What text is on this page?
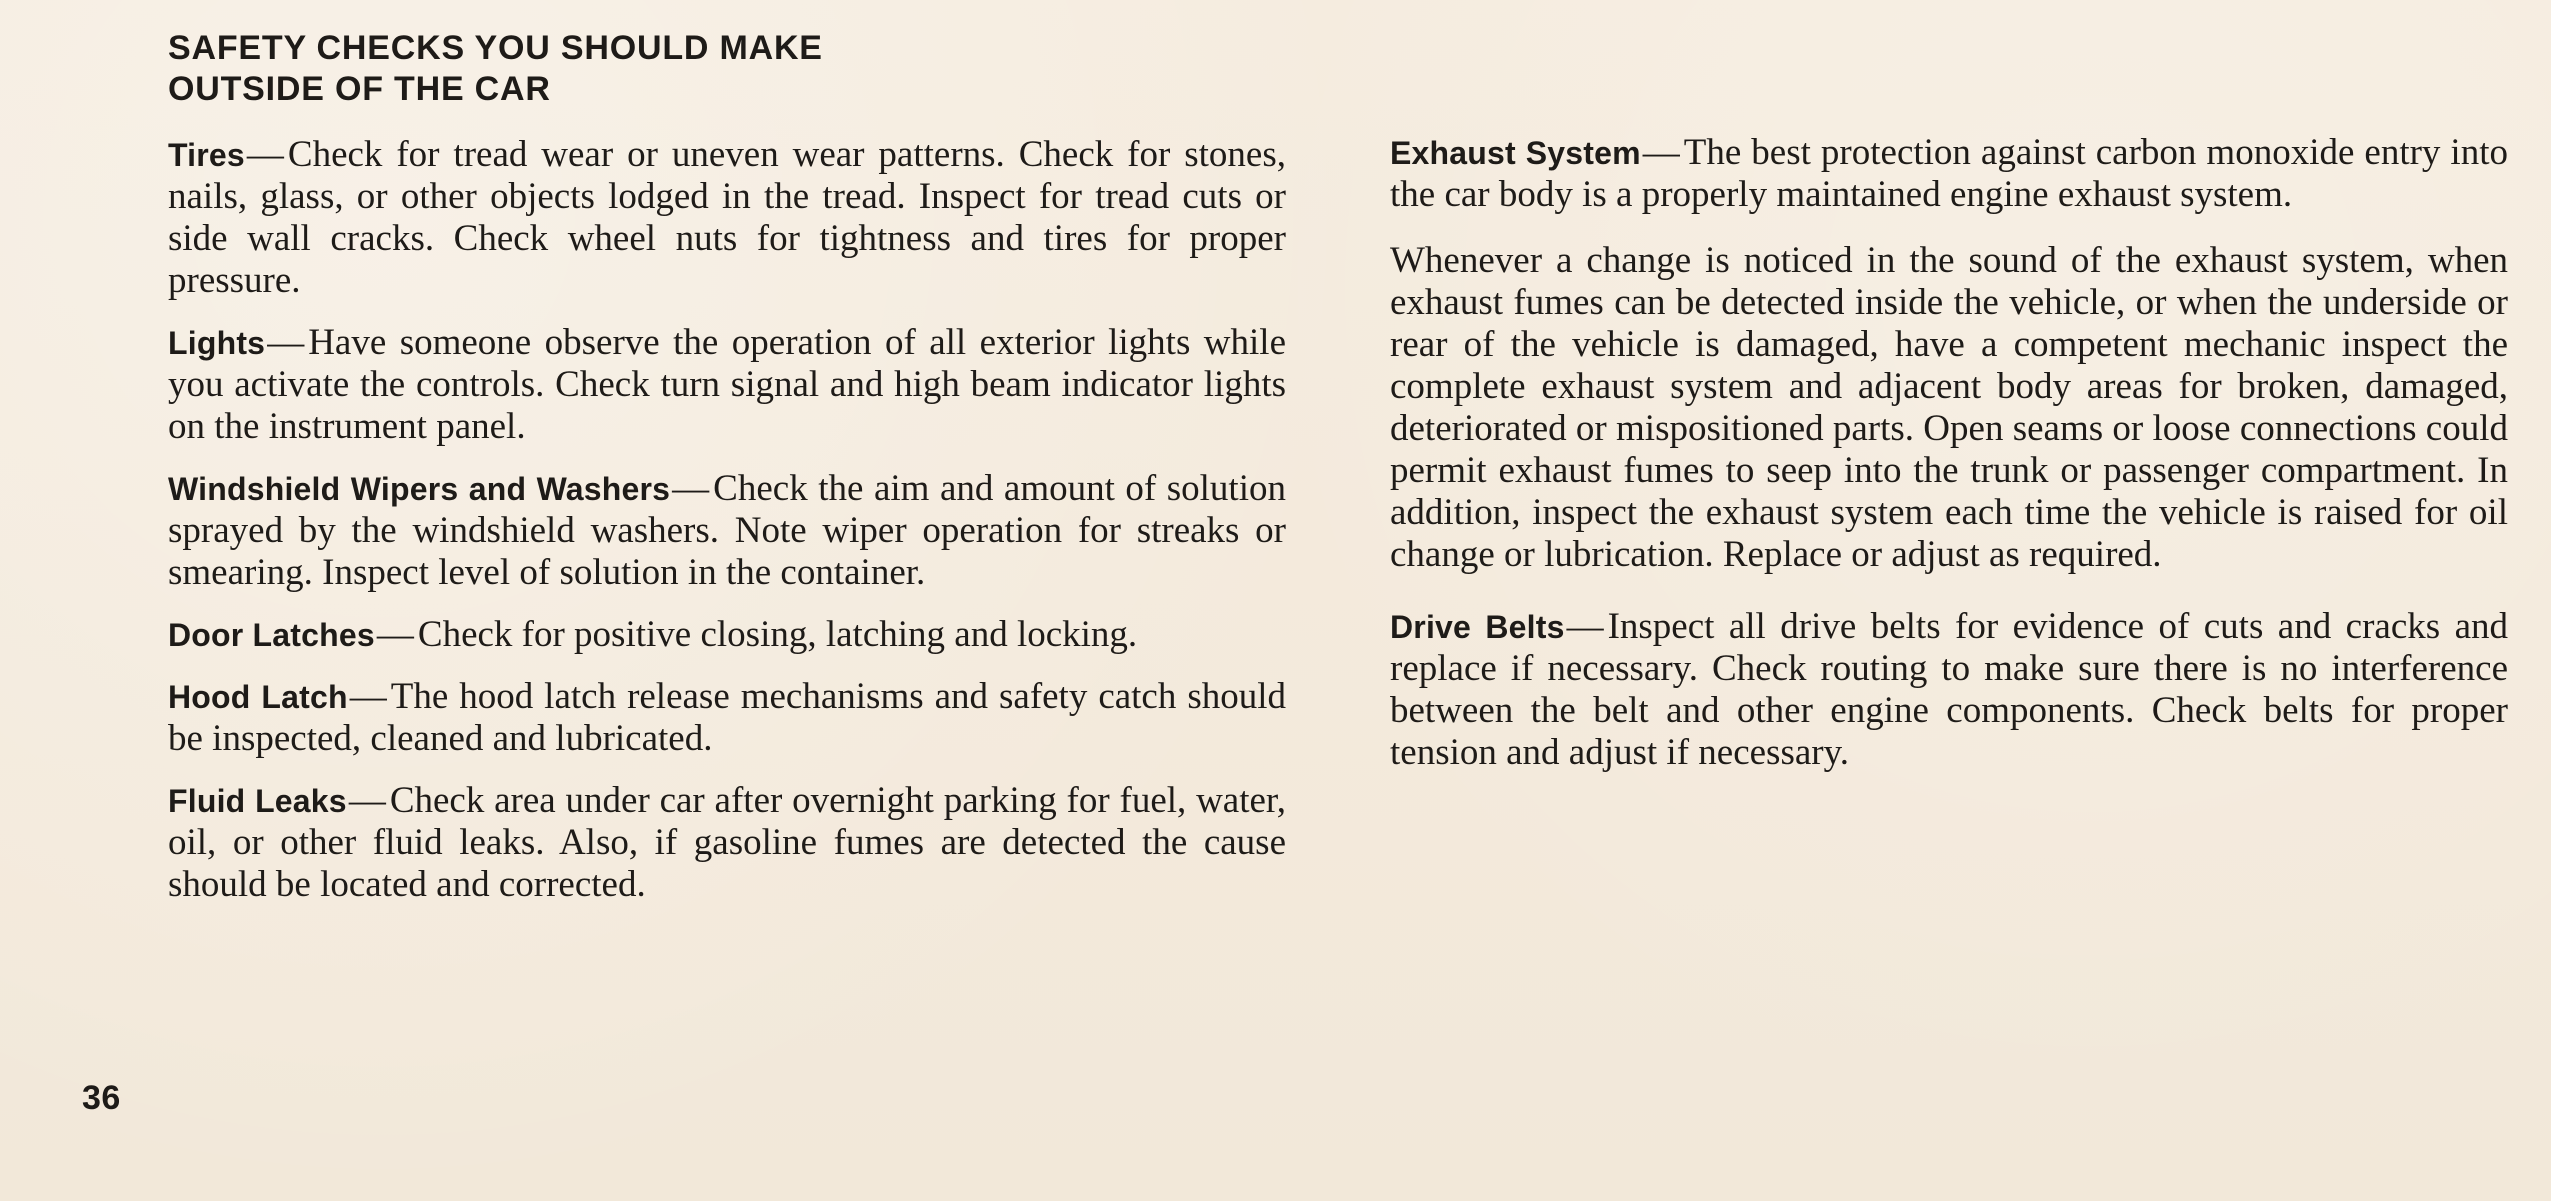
SAFETY CHECKS YOU SHOULD MAKE
OUTSIDE OF THE CAR

Tires— Check for tread wear or uneven wear patterns. Check for stones, nails, glass, or other objects lodged in the tread. Inspect for tread cuts or side wall cracks. Check wheel nuts for tightness and tires for proper pressure.

Lights— Have someone observe the operation of all exterior lights while you activate the controls. Check turn signal and high beam indicator lights on the instrument panel.

Windshield Wipers and Washers— Check the aim and amount of solution sprayed by the windshield washers. Note wiper operation for streaks or smearing. Inspect level of solution in the container.

Door Latches— Check for positive closing, latching and locking.

Hood Latch— The hood latch release mechanisms and safety catch should be inspected, cleaned and lubricated.

Fluid Leaks— Check area under car after overnight parking for fuel, water, oil, or other fluid leaks. Also, if gasoline fumes are detected the cause should be located and corrected.

Exhaust System— The best protection against carbon monoxide entry into the car body is a properly maintained engine exhaust system.

Whenever a change is noticed in the sound of the exhaust system, when exhaust fumes can be detected inside the vehicle, or when the underside or rear of the vehicle is damaged, have a competent mechanic inspect the complete exhaust system and adjacent body areas for broken, damaged, deteriorated or mispositioned parts. Open seams or loose connections could permit exhaust fumes to seep into the trunk or passenger compartment. In addition, inspect the exhaust system each time the vehicle is raised for oil change or lubrication. Replace or adjust as required.

Drive Belts— Inspect all drive belts for evidence of cuts and cracks and replace if necessary. Check routing to make sure there is no interference between the belt and other engine components. Check belts for proper tension and adjust if necessary.

36
